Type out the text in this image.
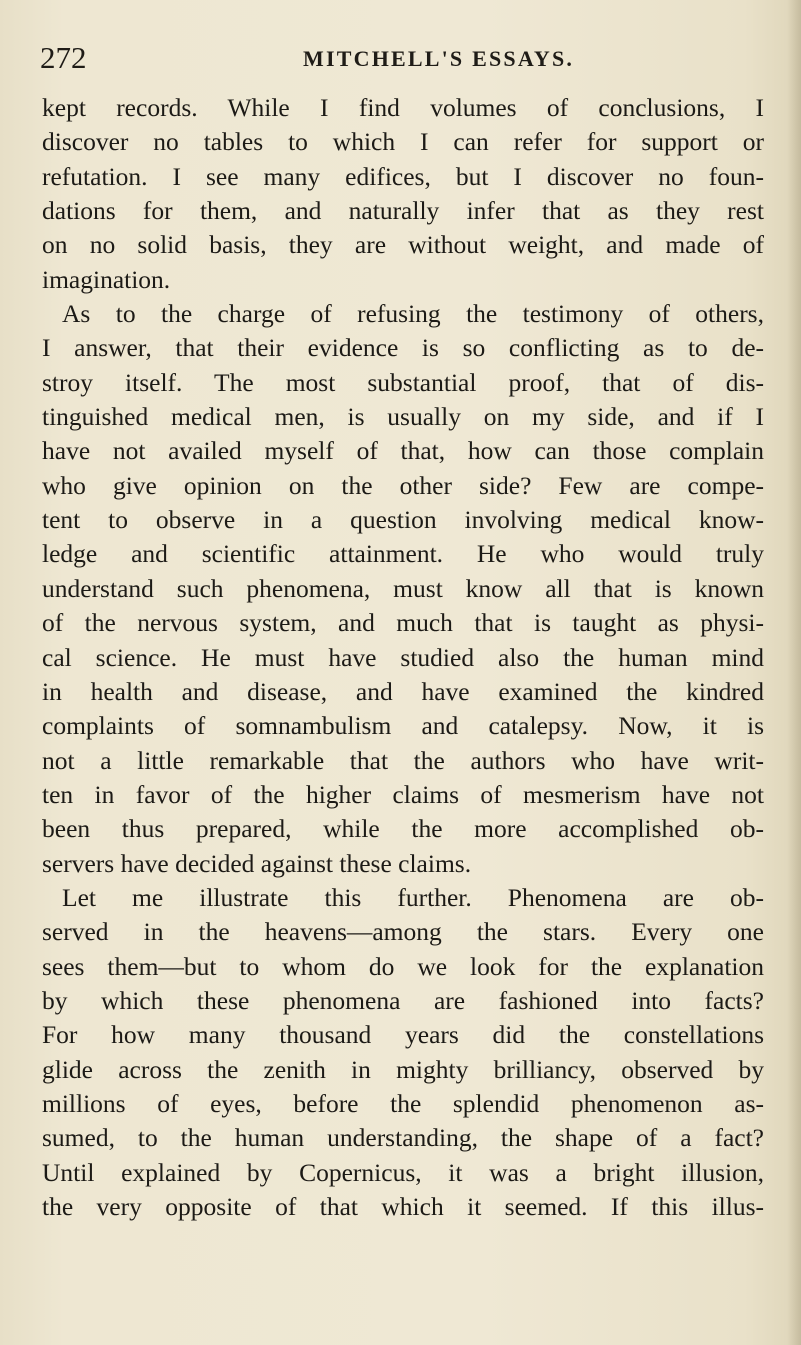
272	MITCHELL'S ESSAYS.
kept records. While I find volumes of conclusions, I
discover no tables to which I can refer for support or
refutation. I see many edifices, but I discover no foun-
dations for them, and naturally infer that as they rest
on no solid basis, they are without weight, and made of
imagination.
As to the charge of refusing the testimony of others,
I answer, that their evidence is so conflicting as to de-
stroy itself. The most substantial proof, that of dis-
tinguished medical men, is usually on my side, and if I
have not availed myself of that, how can those complain
who give opinion on the other side? Few are compe-
tent to observe in a question involving medical know-
ledge and scientific attainment. He who would truly
understand such phenomena, must know all that is known
of the nervous system, and much that is taught as physi-
cal science. He must have studied also the human mind
in health and disease, and have examined the kindred
complaints of somnambulism and catalepsy. Now, it is
not a little remarkable that the authors who have writ-
ten in favor of the higher claims of mesmerism have not
been thus prepared, while the more accomplished ob-
servers have decided against these claims.
Let me illustrate this further. Phenomena are ob-
served in the heavens—among the stars. Every one
sees them—but to whom do we look for the explanation
by which these phenomena are fashioned into facts?
For how many thousand years did the constellations
glide across the zenith in mighty brilliancy, observed by
millions of eyes, before the splendid phenomenon as-
sumed, to the human understanding, the shape of a fact?
Until explained by Copernicus, it was a bright illusion,
the very opposite of that which it seemed. If this illus-
